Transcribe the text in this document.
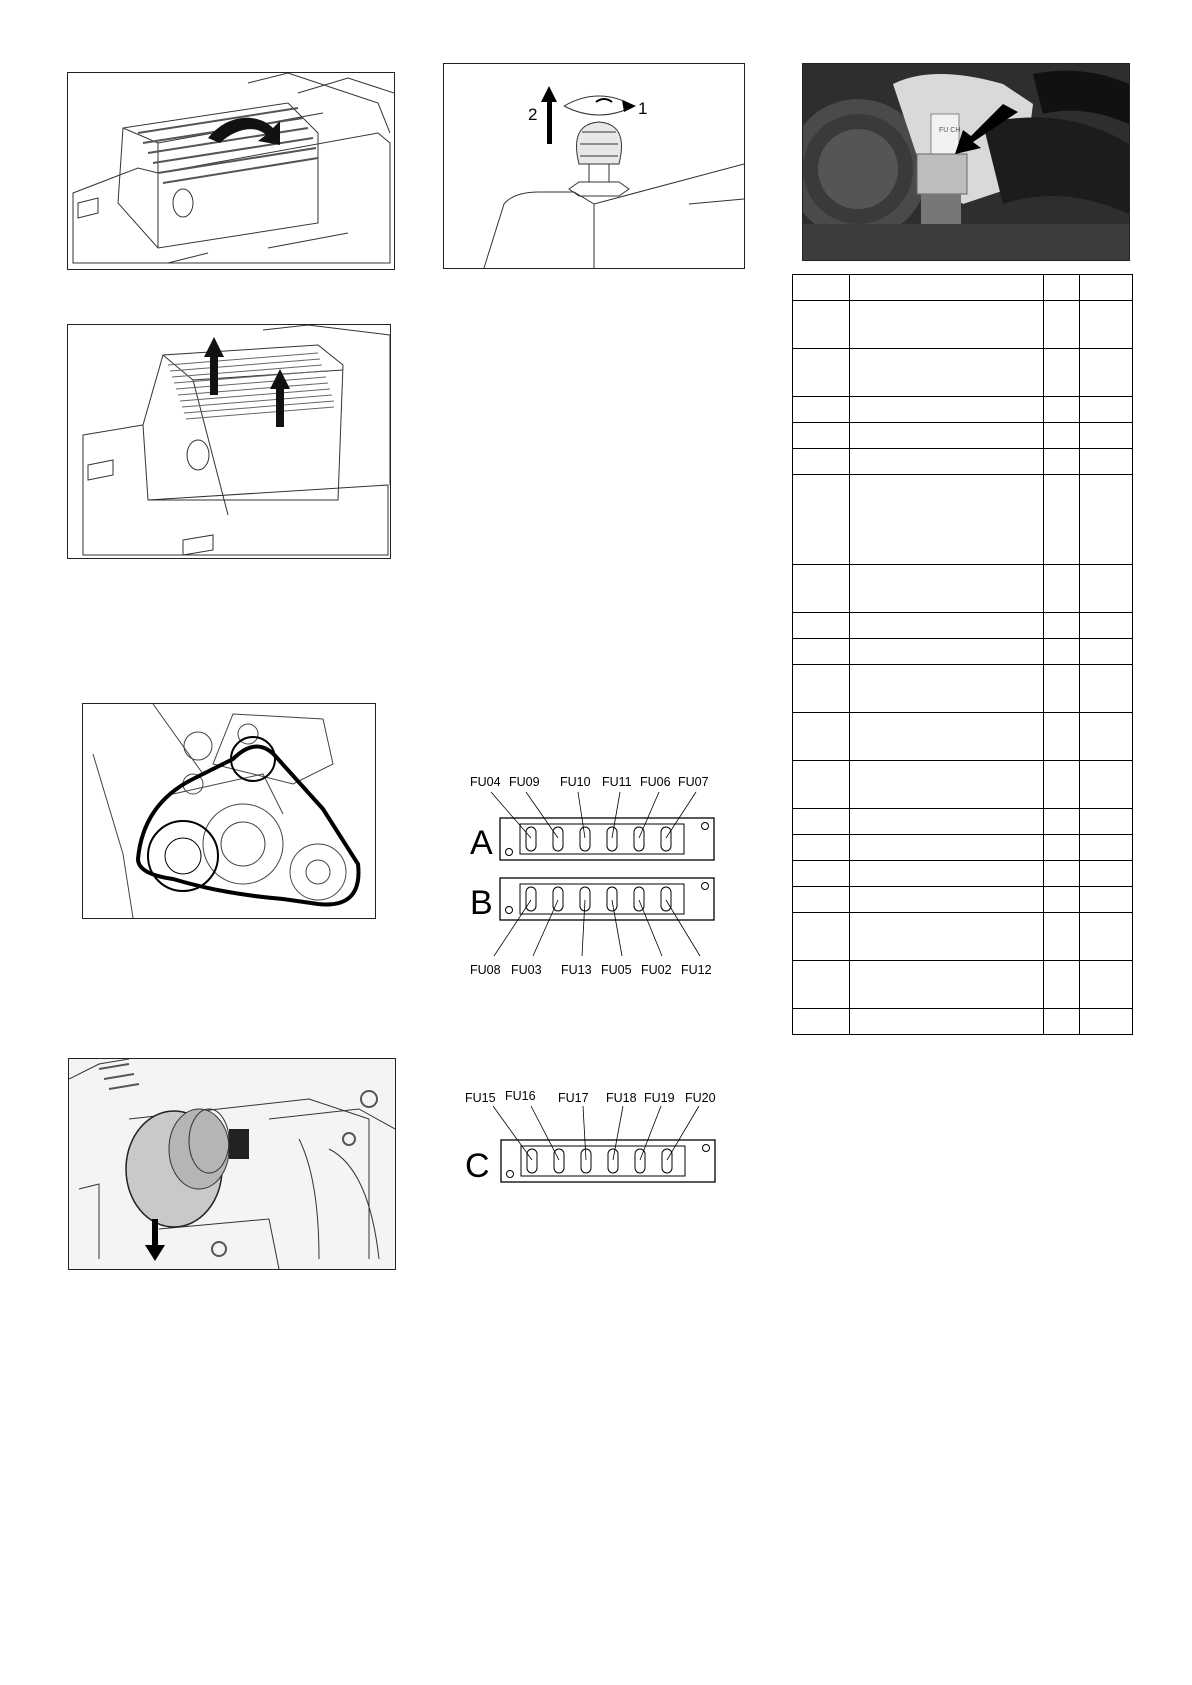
2	1
FU CH
FU04 FU09 FU10 FU11 FU06 FU07
A
B
FU08 FU03 FU13 FU05 FU02 FU12
FU15 FU16 FU17 FU18 FU19 FU20
C
